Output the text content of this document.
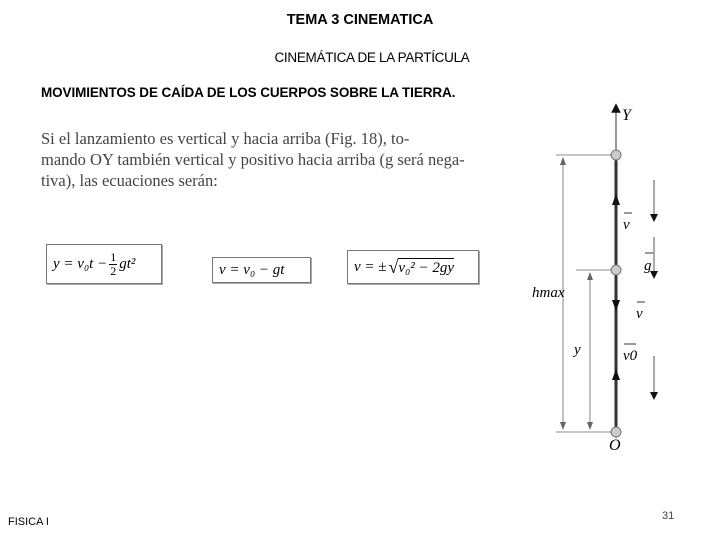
TEMA 3 CINEMATICA
CINEMÁTICA DE LA PARTÍCULA
MOVIMIENTOS DE CAÍDA DE LOS CUERPOS SOBRE LA TIERRA.

Si el lanzamiento es vertical y hacia arriba (Fig. 18), to-

mando OY también vertical y positivo hacia arriba (g será nega-

tiva), las ecuaciones serán:

$y = v_0t - \frac{1}{2} gt^2$	v = v₀ − gt	v = ± √ v₀² − 2gy
Y
O
hmax
y
v
g
v
v0
FISICA I	31
